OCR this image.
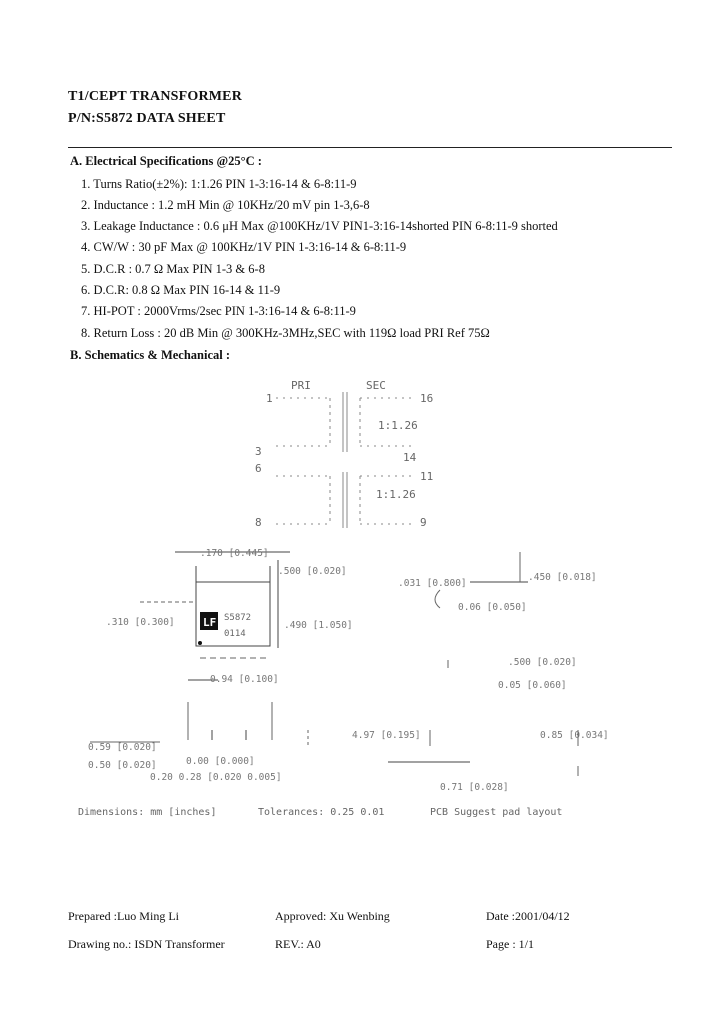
T1/CEPT TRANSFORMER
P/N:S5872 DATA SHEET
A. Electrical Specifications @25°C :
1. Turns Ratio(±2%): 1:1.26 PIN 1-3:16-14 & 6-8:11-9
2. Inductance : 1.2 mH Min @ 10KHz/20 mV pin 1-3,6-8
3. Leakage Inductance : 0.6 μH Max @100KHz/1V PIN1-3:16-14shorted PIN 6-8:11-9 shorted
4. CW/W : 30 pF Max @ 100KHz/1V PIN 1-3:16-14 & 6-8:11-9
5. D.C.R : 0.7 Ω Max PIN 1-3 & 6-8
6. D.C.R: 0.8 Ω Max PIN 16-14 & 11-9
7. HI-POT : 2000Vrms/2sec PIN 1-3:16-14 & 6-8:11-9
8. Return Loss : 20 dB Min @ 300KHz-3MHz,SEC with 119Ω load PRI Ref 75Ω
B. Schematics & Mechanical :
PRI	SEC
1	16
1:1.26
3	14
6
1:1.26
11
8	9
LF S5872
0114
.170 [0.445]
.500 [0.020]
.310 [0.300]	.490 [1.050]
.031 [0.800]
.450 [0.018]
0.06 [0.050]
0.94 [0.100]
.500 [0.020]
0.05 [0.060]
4.97 [0.195]	0.85 [0.034]
0.59 [0.020]
0.50 [0.020]
0.20 0.28 [0.020 0.005]
0.71 [0.028]
0.00 [0.000]
Dimensions: mm [inches]	Tolerances: 0.25 0.01	PCB Suggest pad layout
Prepared :Luo Ming Li	Approved: Xu Wenbing	Date :2001/04/12
Drawing no.: ISDN Transformer	REV.: A0	Page : 1/1
